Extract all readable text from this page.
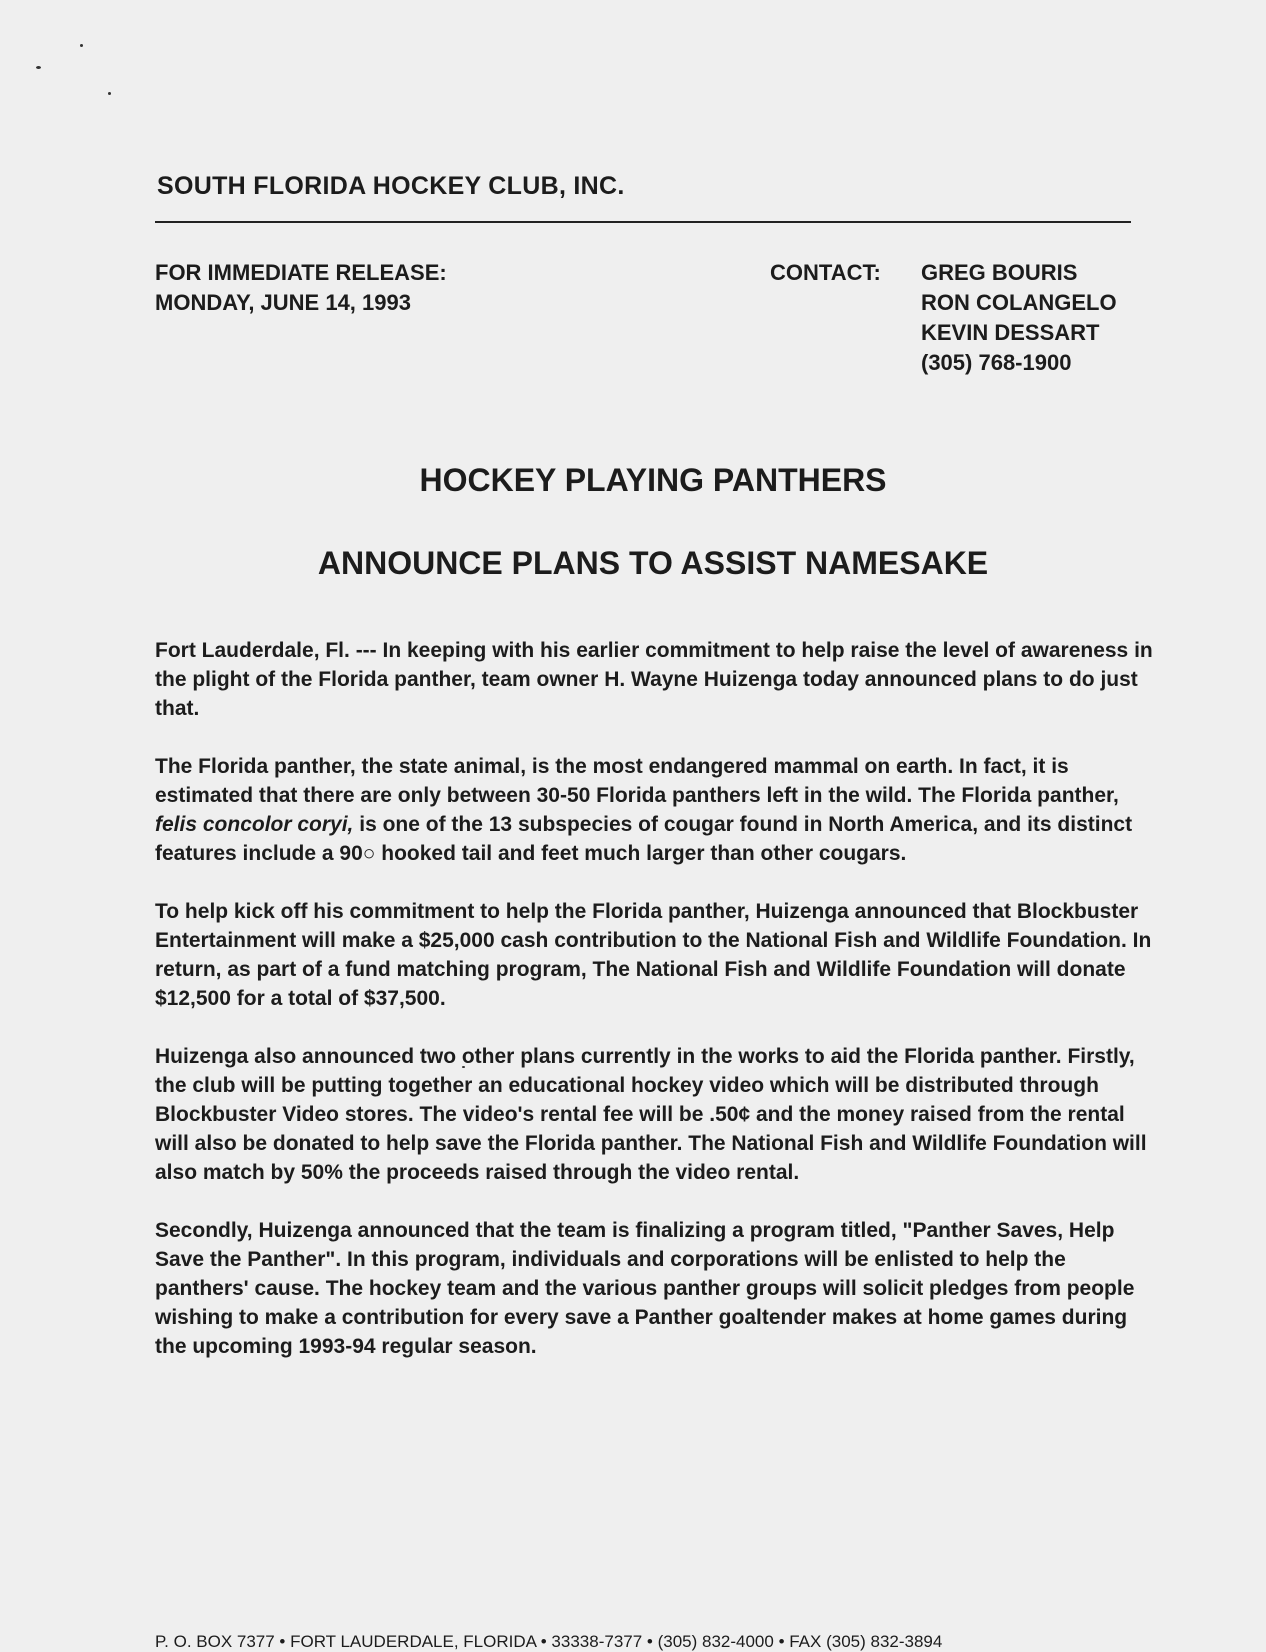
SOUTH FLORIDA HOCKEY CLUB, INC.
FOR IMMEDIATE RELEASE:
MONDAY, JUNE 14, 1993
CONTACT: GREG BOURIS
RON COLANGELO
KEVIN DESSART
(305) 768-1900
HOCKEY PLAYING PANTHERS
ANNOUNCE PLANS TO ASSIST NAMESAKE

Fort Lauderdale, Fl. --- In keeping with his earlier commitment to help raise the level of awareness in the plight of the Florida panther, team owner H. Wayne Huizenga today announced plans to do just that.

The Florida panther, the state animal, is the most endangered mammal on earth. In fact, it is estimated that there are only between 30-50 Florida panthers left in the wild. The Florida panther, felis concolor coryi, is one of the 13 subspecies of cougar found in North America, and its distinct features include a 90○ hooked tail and feet much larger than other cougars.

To help kick off his commitment to help the Florida panther, Huizenga announced that Blockbuster Entertainment will make a $25,000 cash contribution to the National Fish and Wildlife Foundation. In return, as part of a fund matching program, The National Fish and Wildlife Foundation will donate $12,500 for a total of $37,500.

Huizenga also announced two other plans currently in the works to aid the Florida panther. Firstly, the club will be putting together an educational hockey video which will be distributed through Blockbuster Video stores. The video's rental fee will be .50¢ and the money raised from the rental will also be donated to help save the Florida panther. The National Fish and Wildlife Foundation will also match by 50% the proceeds raised through the video rental.

Secondly, Huizenga announced that the team is finalizing a program titled, "Panther Saves, Help Save the Panther". In this program, individuals and corporations will be enlisted to help the panthers' cause. The hockey team and the various panther groups will solicit pledges from people wishing to make a contribution for every save a Panther goaltender makes at home games during the upcoming 1993-94 regular season.

P. O. BOX 7377 • FORT LAUDERDALE, FLORIDA • 33338-7377 • (305) 832-4000 • FAX (305) 832-3894
